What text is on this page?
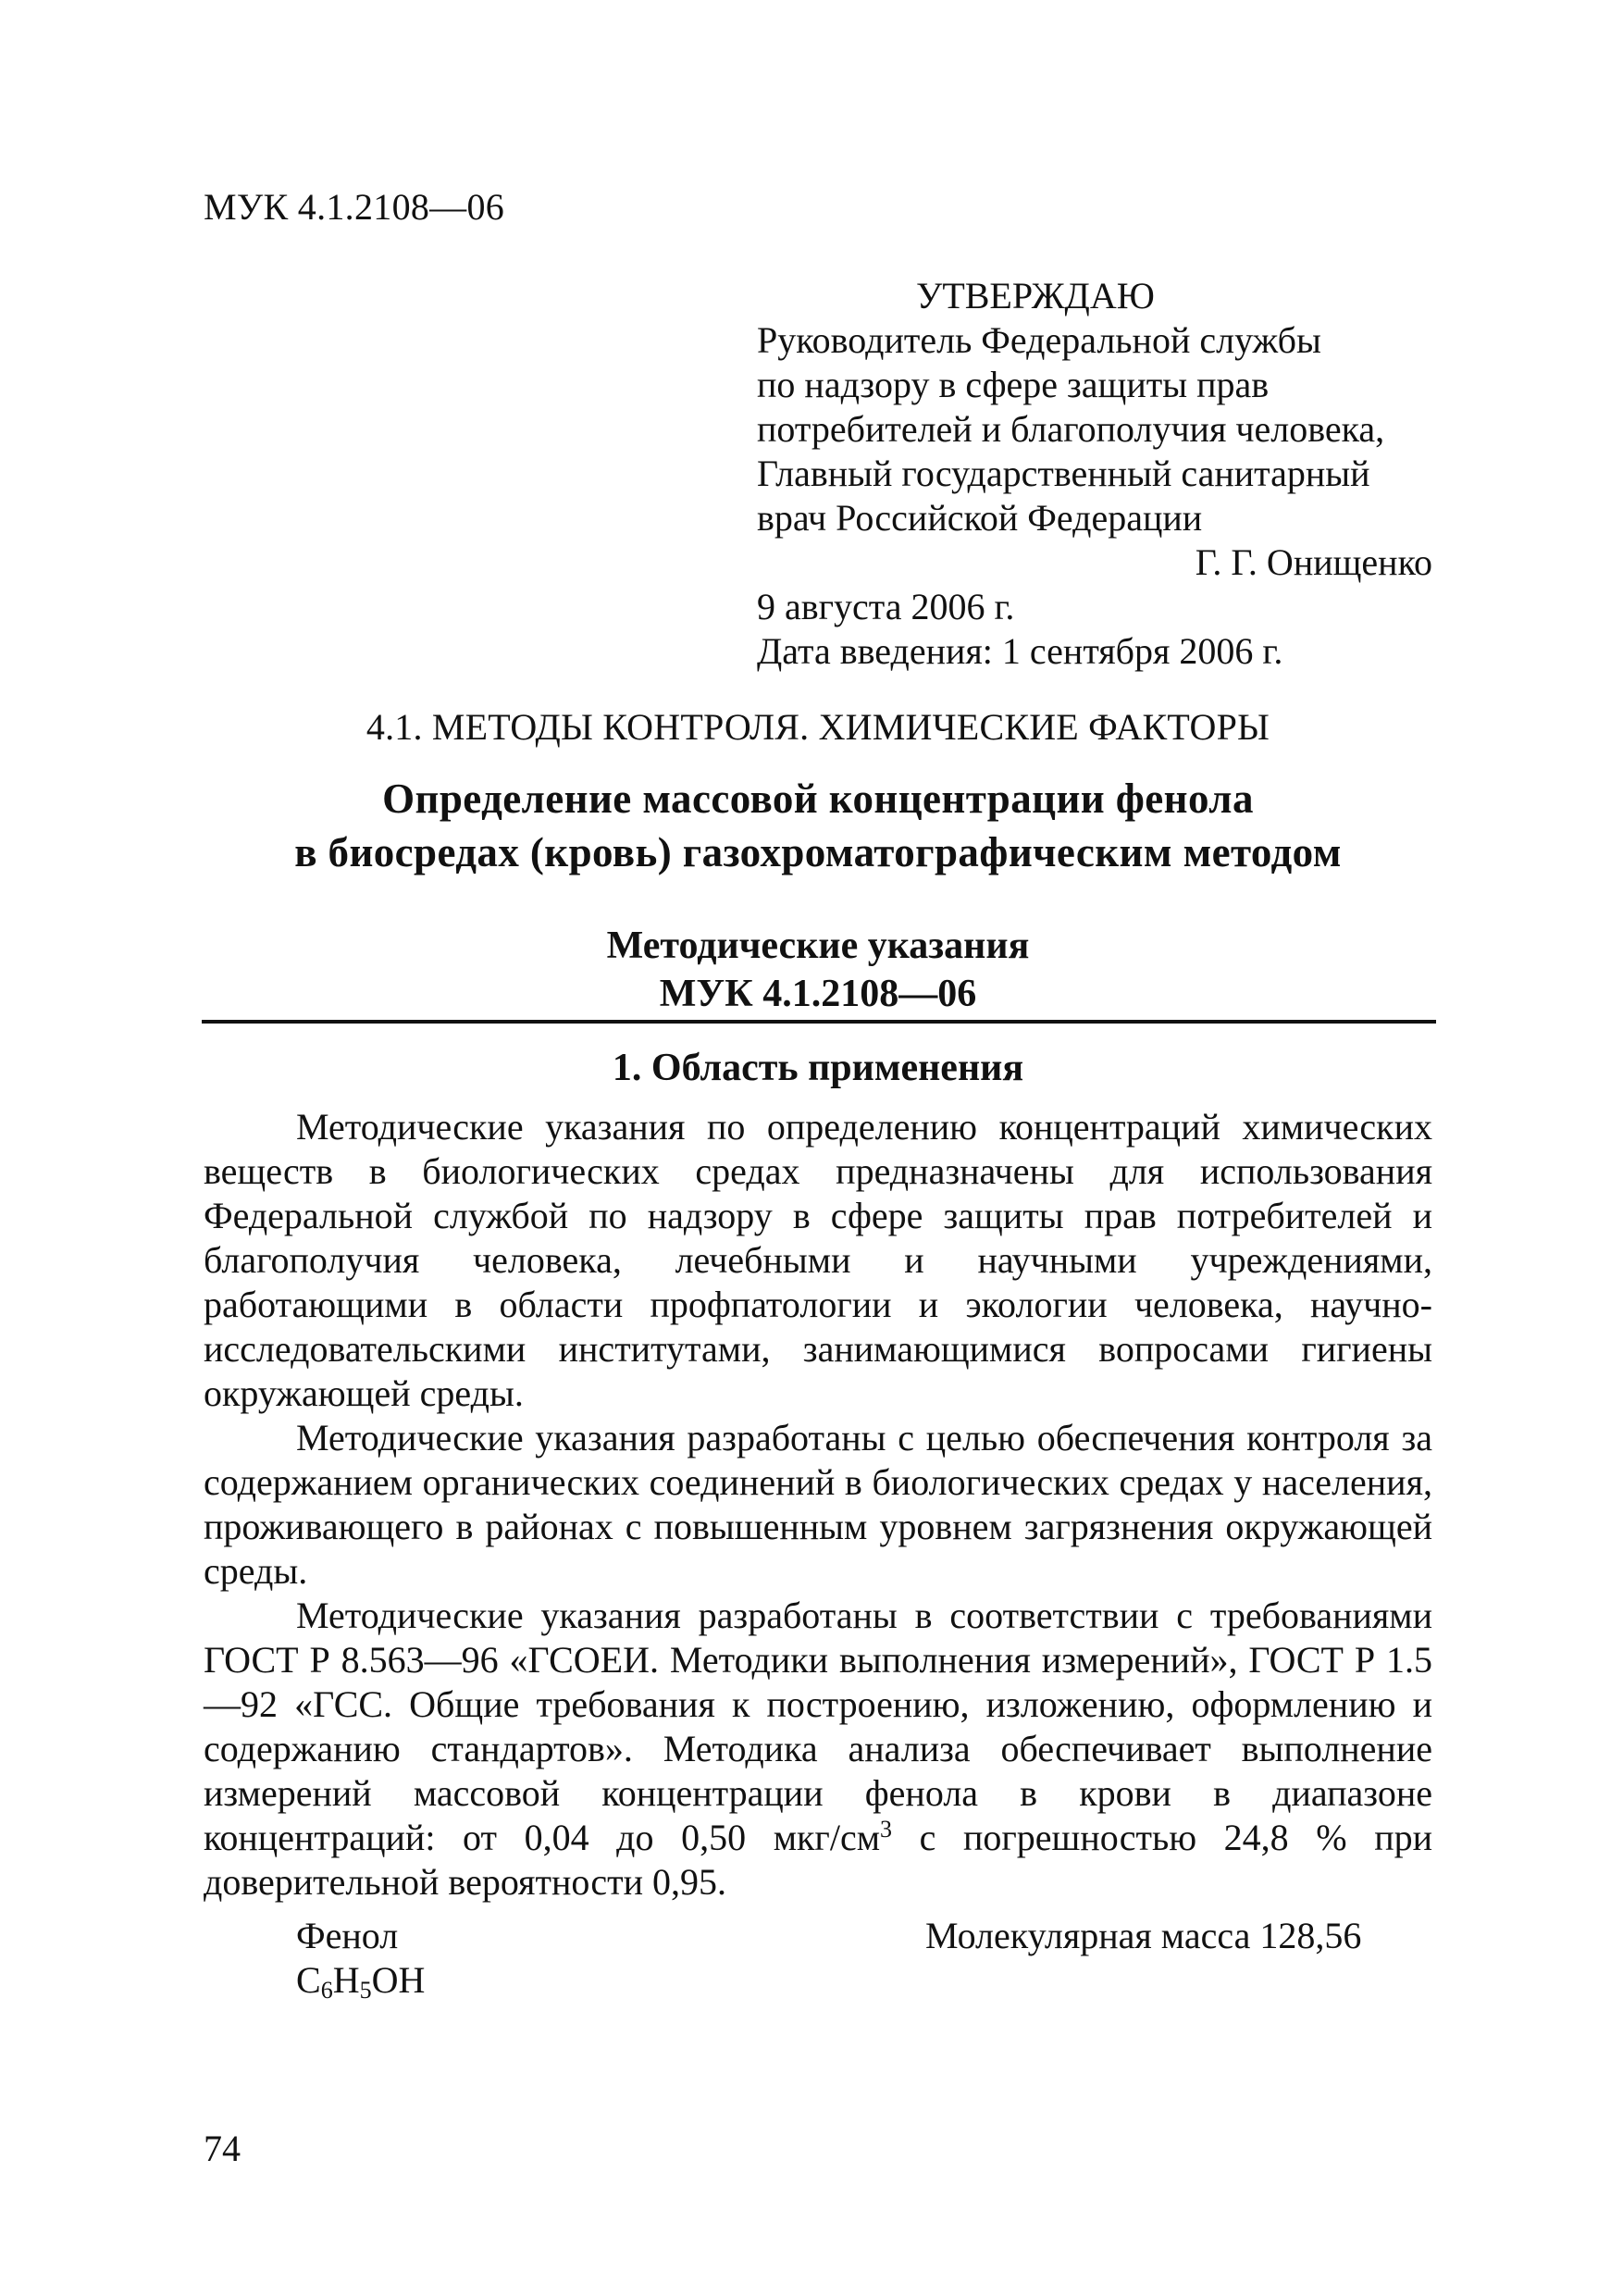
МУК 4.1.2108—06
УТВЕРЖДАЮ
Руководитель Федеральной службы
по надзору в сфере защиты прав
потребителей и благополучия человека,
Главный государственный санитарный
врач Российской Федерации
Г. Г. Онищенко
9 августа 2006 г.
Дата введения: 1 сентября 2006 г.
4.1. МЕТОДЫ КОНТРОЛЯ. ХИМИЧЕСКИЕ ФАКТОРЫ
Определение массовой концентрации фенола
в биосредах (кровь) газохроматографическим методом
Методические указания
МУК 4.1.2108—06
1. Область применения

Методические указания по определению концентраций химических веществ в биологических средах предназначены для использования Федеральной службой по надзору в сфере защиты прав потребителей и благополучия человека, лечебными и научными учреждениями, работающими в области профпатологии и экологии человека, научно-исследовательскими институтами, занимающимися вопросами гигиены окружающей среды.

Методические указания разработаны с целью обеспечения контроля за содержанием органических соединений в биологических средах у населения, проживающего в районах с повышенным уровнем загрязнения окружающей среды.

Методические указания разработаны в соответствии с требованиями ГОСТ Р 8.563—96 «ГСОЕИ. Методики выполнения измерений», ГОСТ Р 1.5—92 «ГСС. Общие требования к построению, изложению, оформлению и содержанию стандартов». Методика анализа обеспечивает выполнение измерений массовой концентрации фенола в крови в диапазоне концентраций: от 0,04 до 0,50 мкг/$см^3$ с погрешностью 24,8 % при доверительной вероятности 0,95.

Фенол	Молекулярная масса 128,56
$C_6H_5OH$
74
